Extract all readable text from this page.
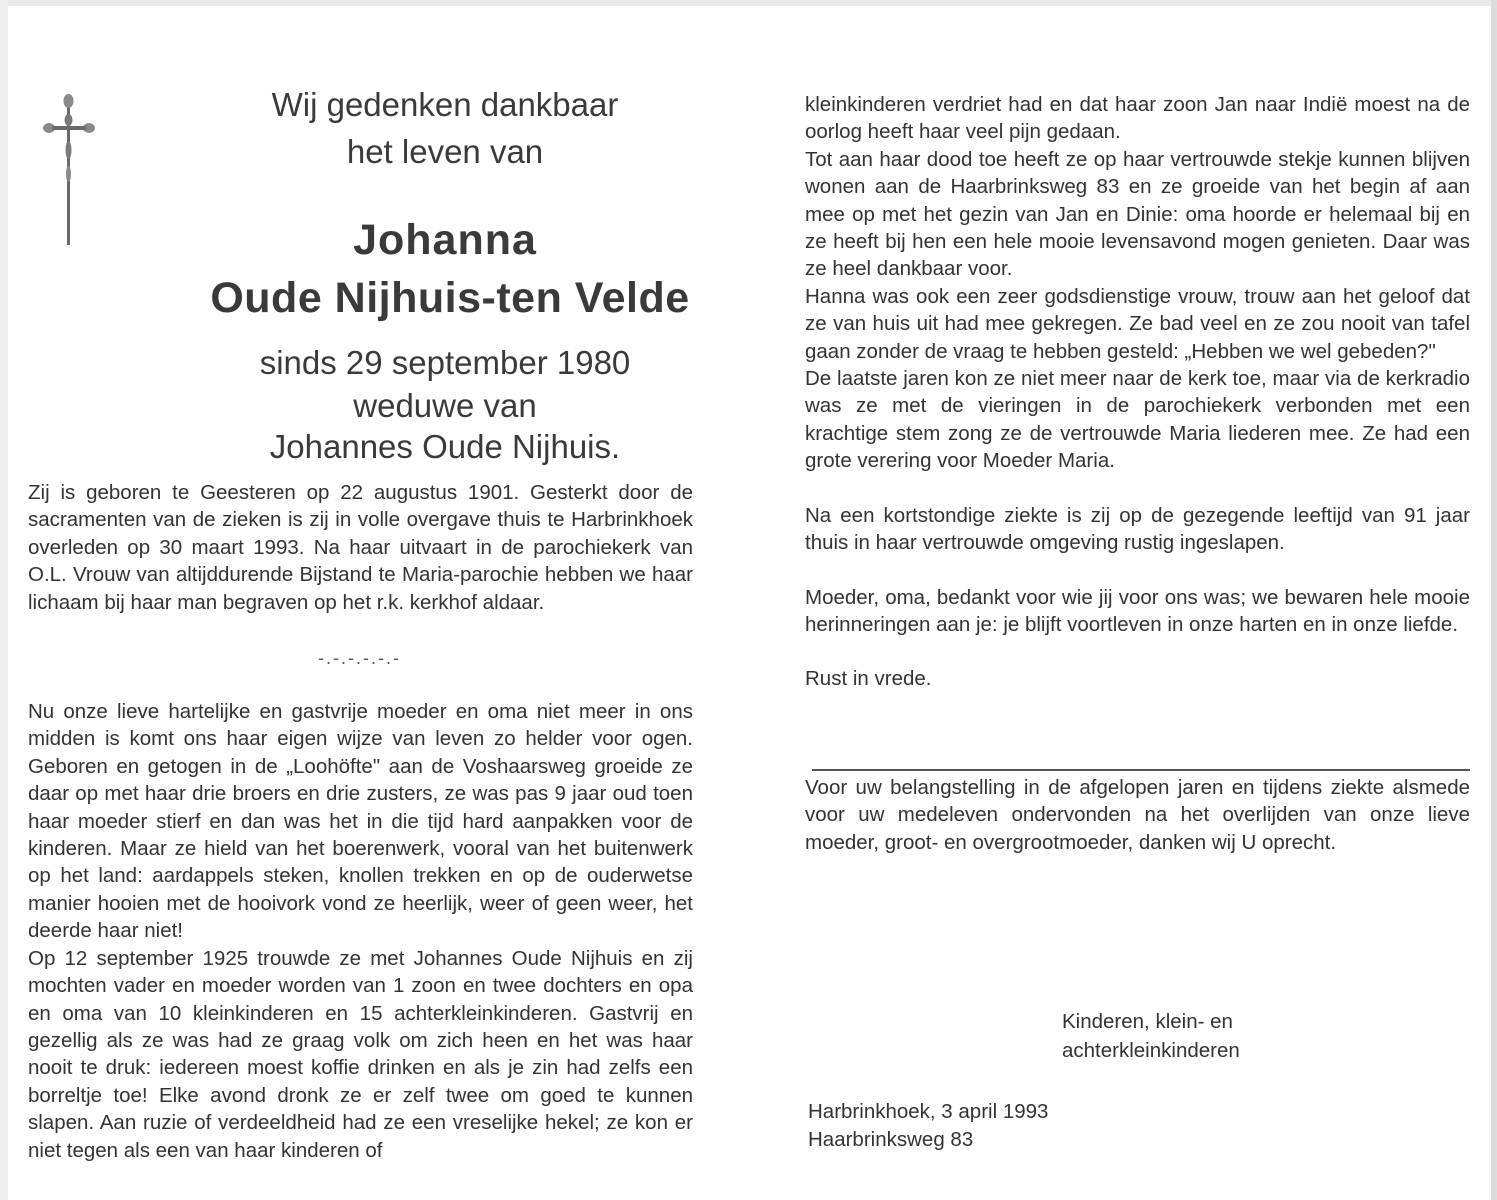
Wij gedenken dankbaar
het leven van
Johanna
Oude Nijhuis-ten Velde
sinds 29 september 1980
weduwe van
Johannes Oude Nijhuis.

Zij is geboren te Geesteren op 22 augustus 1901. Gesterkt door de sacramenten van de zieken is zij in volle overgave thuis te Harbrinkhoek overleden op 30 maart 1993. Na haar uitvaart in de parochiekerk van O.L. Vrouw van altijddurende Bijstand te Maria-parochie hebben we haar lichaam bij haar man begraven op het r.k. kerkhof aldaar.

Nu onze lieve hartelijke en gastvrije moeder en oma niet meer in ons midden is komt ons haar eigen wijze van leven zo helder voor ogen. Geboren en getogen in de „Loohöfte" aan de Voshaarsweg groeide ze daar op met haar drie broers en drie zusters, ze was pas 9 jaar oud toen haar moeder stierf en dan was het in die tijd hard aanpakken voor de kinderen. Maar ze hield van het boerenwerk, vooral van het buitenwerk op het land: aardappels steken, knollen trekken en op de ouderwetse manier hooien met de hooivork vond ze heerlijk, weer of geen weer, het deerde haar niet!

Op 12 september 1925 trouwde ze met Johannes Oude Nijhuis en zij mochten vader en moeder worden van 1 zoon en twee dochters en opa en oma van 10 kleinkinderen en 15 achterkleinkinderen. Gastvrij en gezellig als ze was had ze graag volk om zich heen en het was haar nooit te druk: iedereen moest koffie drinken en als je zin had zelfs een borreltje toe! Elke avond dronk ze er zelf twee om goed te kunnen slapen. Aan ruzie of verdeeldheid had ze een vreselijke hekel; ze kon er niet tegen als een van haar kinderen of

-.-.-.-.-.-

kleinkinderen verdriet had en dat haar zoon Jan naar Indië moest na de oorlog heeft haar veel pijn gedaan.

Tot aan haar dood toe heeft ze op haar vertrouwde stekje kunnen blijven wonen aan de Haarbrinksweg 83 en ze groeide van het begin af aan mee op met het gezin van Jan en Dinie: oma hoorde er helemaal bij en ze heeft bij hen een hele mooie levensavond mogen genieten. Daar was ze heel dankbaar voor.

Hanna was ook een zeer godsdienstige vrouw, trouw aan het geloof dat ze van huis uit had mee gekregen. Ze bad veel en ze zou nooit van tafel gaan zonder de vraag te hebben gesteld: „Hebben we wel gebeden?"

De laatste jaren kon ze niet meer naar de kerk toe, maar via de kerkradio was ze met de vieringen in de parochiekerk verbonden met een krachtige stem zong ze de vertrouwde Maria liederen mee. Ze had een grote verering voor Moeder Maria.

Na een kortstondige ziekte is zij op de gezegende leeftijd van 91 jaar thuis in haar vertrouwde omgeving rustig ingeslapen.

Moeder, oma, bedankt voor wie jij voor ons was; we bewaren hele mooie herinneringen aan je: je blijft voortleven in onze harten en in onze liefde.

Rust in vrede.

Voor uw belangstelling in de afgelopen jaren en tijdens ziekte alsmede voor uw medeleven ondervonden na het overlijden van onze lieve moeder, groot- en overgrootmoeder, danken wij U oprecht.

Kinderen, klein- en
achterkleinkinderen
Harbrinkhoek, 3 april 1993
Haarbrinksweg 83
